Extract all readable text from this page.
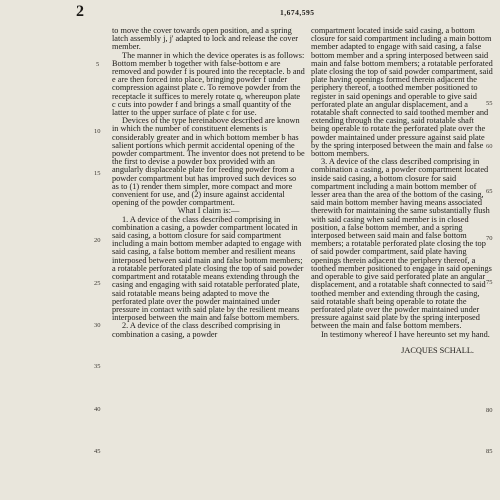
2	1,674,595

to move the cover towards open position, and a spring latch assembly j, j' adapted to lock and release the cover member.

The manner in which the device operates is as follows: Bottom member b together with false-bottom e are removed and powder f is poured into the receptacle. b and e are then forced into place, bringing powder f under compression against plate c. To remove powder from the receptacle it suffices to merely rotate q, whereupon plate c cuts into powder f and brings a small quantity of the latter to the upper surface of plate c for use.

Devices of the type hereinabove described are known in which the number of constituent elements is considerably greater and in which bottom member b has salient portions which permit accidental opening of the powder compartment. The inventor does not pretend to be the first to devise a powder box provided with an angularly displaceable plate for feeding powder from a powder compartment but has improved such devices so as to (1) render them simpler, more compact and more convenient for use, and (2) insure against accidental opening of the powder compartment.

What I claim is:—

1. A device of the class described comprising in combination a casing, a powder compartment located in said casing, a bottom closure for said compartment including a main bottom member adapted to engage with said casing, a false bottom member and resilient means interposed between said main and false bottom members; a rotatable perforated plate closing the top of said powder compartment and rotatable means extending through the casing and engaging with said rotatable perforated plate, said rotatable means being adapted to move the perforated plate over the powder maintained under pressure in contact with said plate by the resilient means interposed between the main and false bottom members.

2. A device of the class described comprising in combination a casing, a powder

compartment located inside said casing, a bottom closure for said compartment including a main bottom member adapted to engage with said casing, a false bottom member and a spring interposed between said main and false bottom members; a rotatable perforated plate closing the top of said powder compartment, said plate having openings formed therein adjacent the periphery thereof, a toothed member positioned to register in said openings and operable to give said perforated plate an angular displacement, and a rotatable shaft connected to said toothed member and extending through the casing, said rotatable shaft being operable to rotate the perforated plate over the powder maintained under pressure against said plate by the spring interposed between the main and false bottom members.

3. A device of the class described comprising in combination a casing, a powder compartment located inside said casing, a bottom closure for said compartment including a main bottom member of lesser area than the area of the bottom of the casing, said main bottom member having means associated therewith for maintaining the same substantially flush with said casing when said member is in closed position, a false bottom member, and a spring interposed between said main and false bottom members; a rotatable perforated plate closing the top of said powder compartment, said plate having openings therein adjacent the periphery thereof, a toothed member positioned to engage in said openings and operable to give said perforated plate an angular displacement, and a rotatable shaft connected to said toothed member and extending through the casing, said rotatable shaft being operable to rotate the perforated plate over the powder maintained under pressure against said plate by the spring interposed between the main and false bottom members.

In testimony whereof I have hereunto set my hand.

JACQUES SCHALL.

5
10
15
20
25
30
35
40
45
55
60
65
70
75
80
85
